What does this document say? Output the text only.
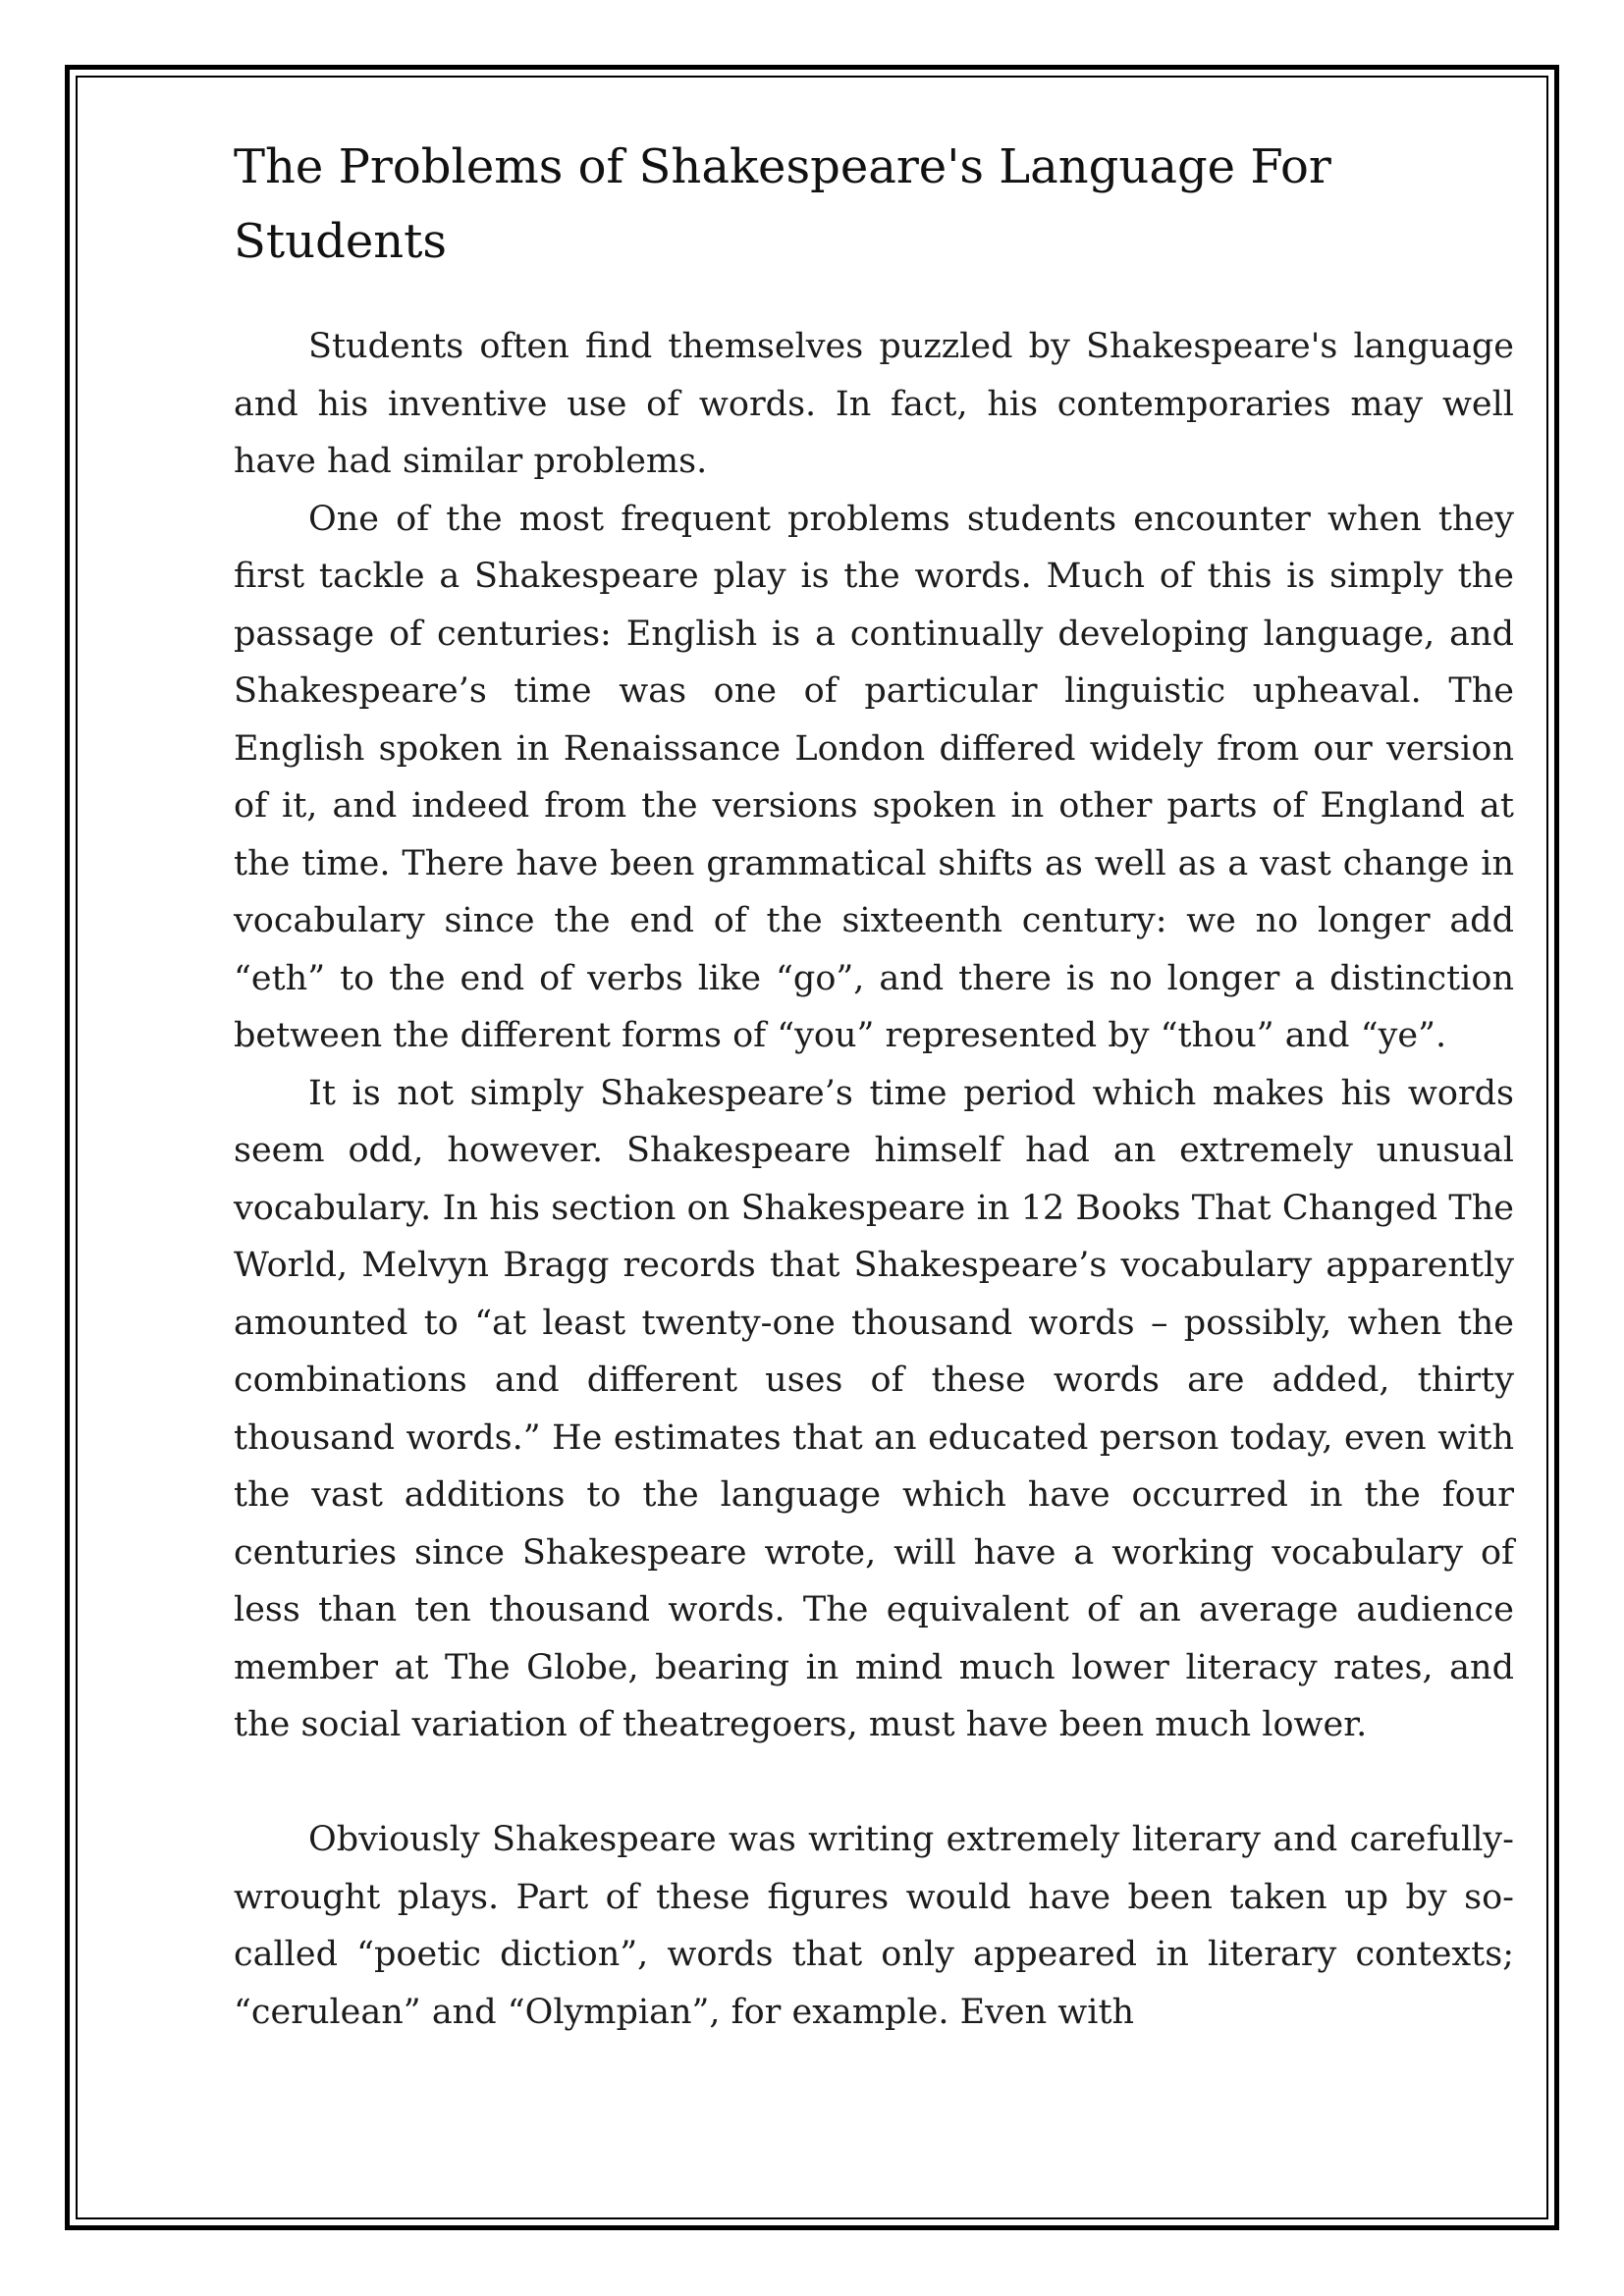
The Problems of Shakespeare's Language For Students

Students often find themselves puzzled by Shakespeare's language and his inventive use of words. In fact, his contemporaries may well have had similar problems.

One of the most frequent problems students encounter when they first tackle a Shakespeare play is the words. Much of this is simply the passage of centuries: English is a continually developing language, and Shakespeare’s time was one of particular linguistic upheaval. The English spoken in Renaissance London differed widely from our version of it, and indeed from the versions spoken in other parts of England at the time. There have been grammatical shifts as well as a vast change in vocabulary since the end of the sixteenth century: we no longer add “eth” to the end of verbs like “go”, and there is no longer a distinction between the different forms of “you” represented by “thou” and “ye”.

It is not simply Shakespeare’s time period which makes his words seem odd, however. Shakespeare himself had an extremely unusual vocabulary. In his section on Shakespeare in 12 Books That Changed The World, Melvyn Bragg records that Shakespeare’s vocabulary apparently amounted to “at least twenty-one thousand words – possibly, when the combinations and different uses of these words are added, thirty thousand words.” He estimates that an educated person today, even with the vast additions to the language which have occurred in the four centuries since Shakespeare wrote, will have a working vocabulary of less than ten thousand words. The equivalent of an average audience member at The Globe, bearing in mind much lower literacy rates, and the social variation of theatregoers, must have been much lower.

Obviously Shakespeare was writing extremely literary and carefully-wrought plays. Part of these figures would have been taken up by so-called “poetic diction”, words that only appeared in literary contexts; “cerulean” and “Olympian”, for example. Even with
